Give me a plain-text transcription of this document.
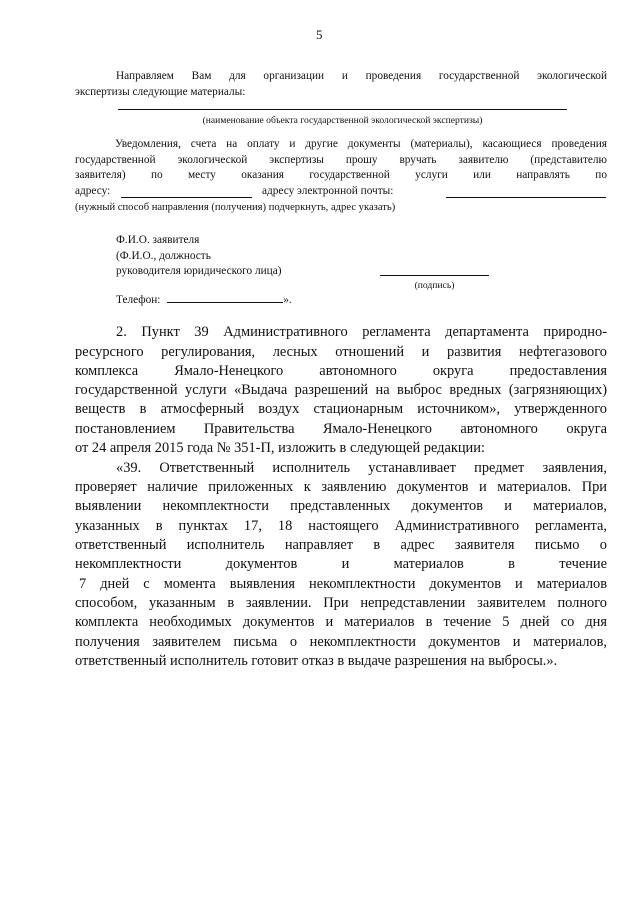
5
Направляем Вам для организации и проведения государственной экологической
экспертизы следующие материалы:
(наименование объекта государственной экологической экспертизы)
Уведомления, счета на оплату и другие документы (материалы), касающиеся проведения
государственной экологической экспертизы прошу вручать заявителю (представителю
заявителя) по месту оказания государственной услуги или направлять по
адресу:	адресу электронной почты:
(нужный способ направления (получения) подчеркнуть, адрес указать)
Ф.И.О. заявителя
(Ф.И.О., должность
руководителя юридического лица)
(подпись)
Телефон:	».
2. Пункт 39 Административного регламента департамента природно-
ресурсного регулирования, лесных отношений и развития нефтегазового
комплекса Ямало-Ненецкого автономного округа предоставления
государственной услуги «Выдача разрешений на выброс вредных (загрязняющих)
веществ в атмосферный воздух стационарным источником», утвержденного
постановлением Правительства Ямало-Ненецкого автономного округа
от 24 апреля 2015 года № 351-П, изложить в следующей редакции:
«39. Ответственный исполнитель устанавливает предмет заявления,
проверяет наличие приложенных к заявлению документов и материалов. При
выявлении некомплектности представленных документов и материалов,
указанных в пунктах 17, 18 настоящего Административного регламента,
ответственный исполнитель направляет в адрес заявителя письмо о
некомплектности документов и материалов в течение
7 дней с момента выявления некомплектности документов и материалов
способом, указанным в заявлении. При непредставлении заявителем полного
комплекта необходимых документов и материалов в течение 5 дней со дня
получения заявителем письма о некомплектности документов и материалов,
ответственный исполнитель готовит отказ в выдаче разрешения на выбросы.».
